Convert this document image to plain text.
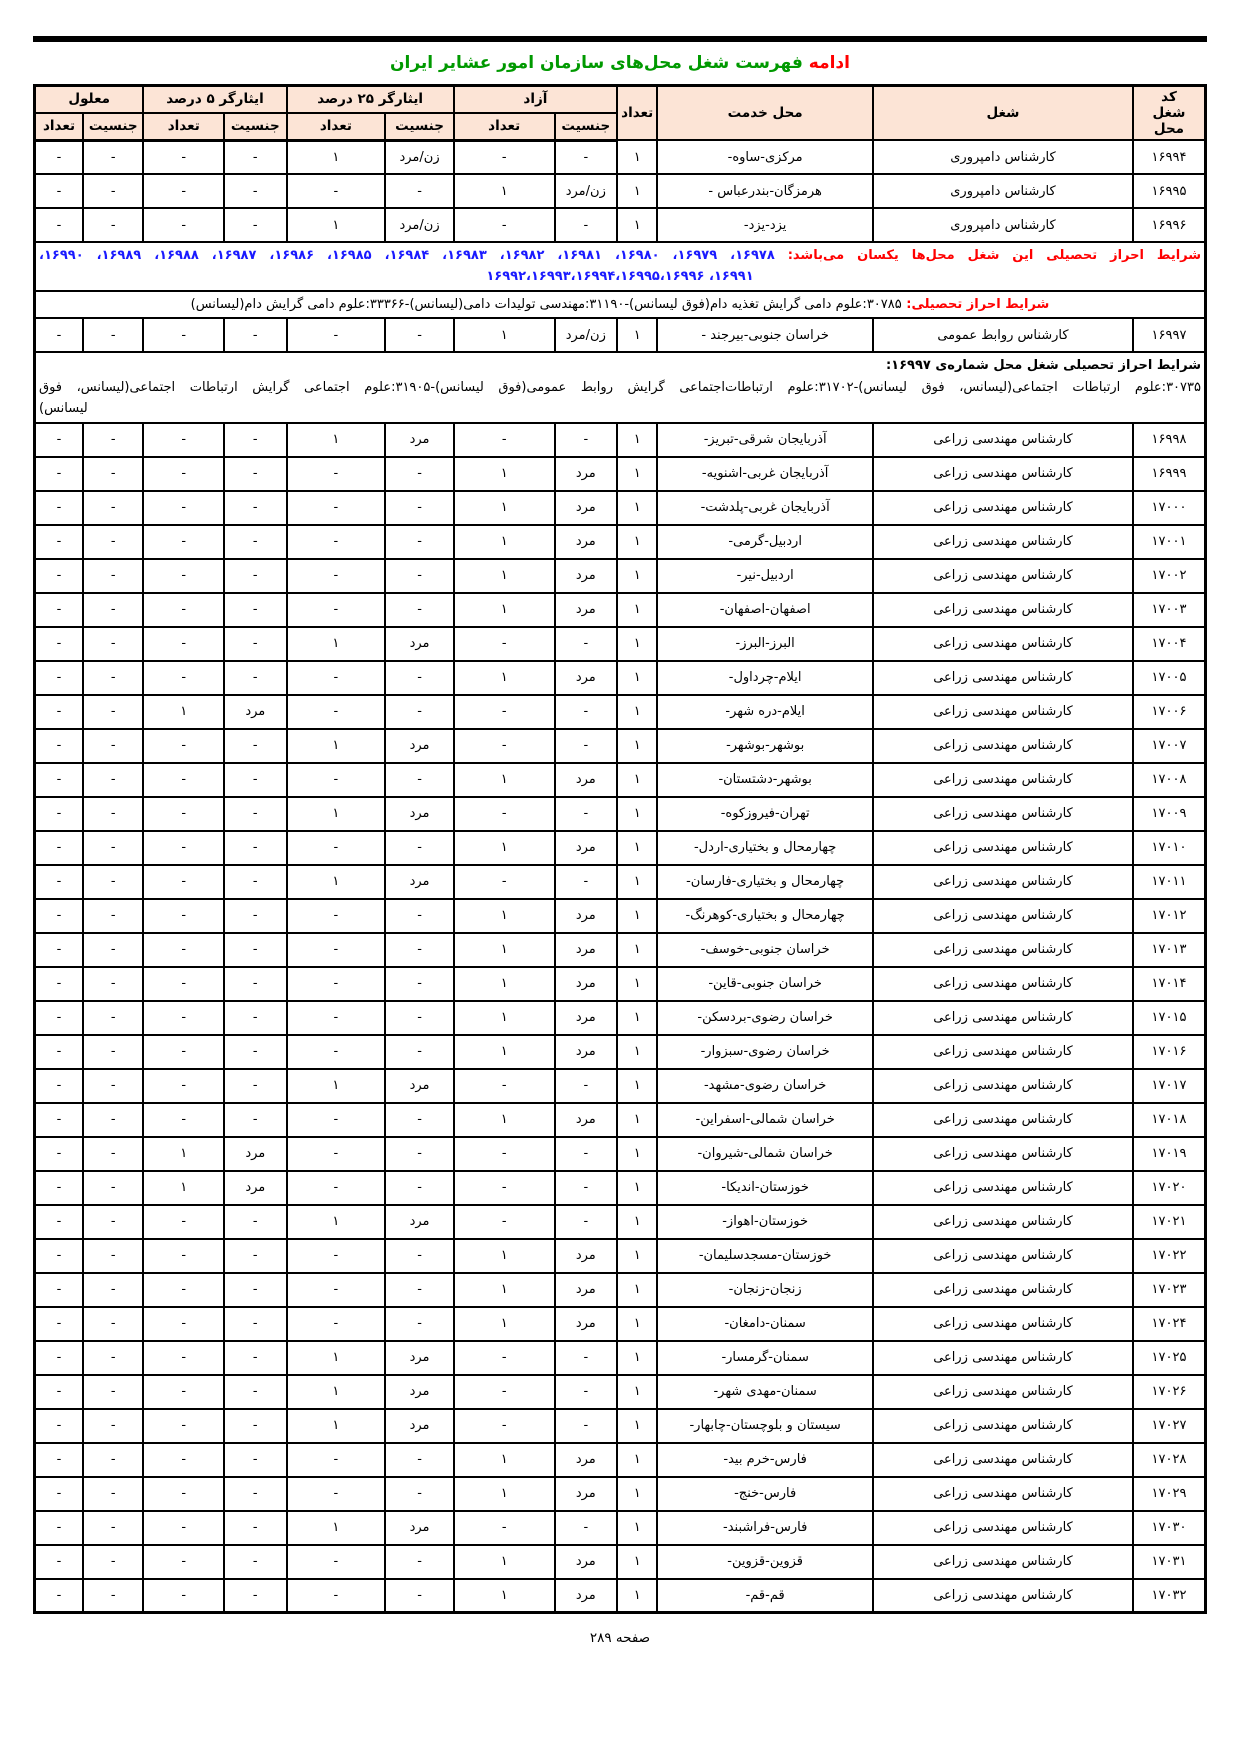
ادامه فهرست شغل محل‌های سازمان امور عشایر ایران
کد
شغل محل	شغل	محل خدمت	تعداد	آزاد		ایثارگر ۲۵ درصد		ایثارگر ۵ درصد		معلول	
				جنسیت	تعداد	جنسیت	تعداد	جنسیت	تعداد	جنسیت	تعداد
۱۶۹۹۴	کارشناس دامپروری	مرکزی-ساوه-	۱	-	-	زن/مرد	۱	-	-	-	-
۱۶۹۹۵	کارشناس دامپروری	هرمزگان-بندرعباس -	۱	زن/مرد	۱	-	-	-	-	-	-
۱۶۹۹۶	کارشناس دامپروری	یزد-یزد-	۱	-	-	زن/مرد	۱	-	-	-	-

شرایط احراز تحصیلی این شغل محل‌ها یکسان می‌باشد: ۱۶۹۷۸، ۱۶۹۷۹، ۱۶۹۸۰، ۱۶۹۸۱، ۱۶۹۸۲، ۱۶۹۸۳، ۱۶۹۸۴، ۱۶۹۸۵، ۱۶۹۸۶، ۱۶۹۸۷، ۱۶۹۸۸، ۱۶۹۸۹، ۱۶۹۹۰،
۱۶۹۹۱، ۱۶۹۹۲،۱۶۹۹۳،۱۶۹۹۴،۱۶۹۹۵،۱۶۹۹۶											

شرایط احراز تحصیلی: ۳۰۷۸۵:علوم دامی گرایش تغذیه دام(فوق لیسانس)-۳۱۱۹۰:مهندسی تولیدات دامی(لیسانس)-۳۳۳۶۶:علوم دامی گرایش دام(لیسانس)											

۱۶۹۹۷	کارشناس روابط عمومی	خراسان جنوبی-بیرجند -	۱	زن/مرد	۱	-	-	-	-	-	-

شرایط احراز تحصیلی شغل محل شماره‌ی ۱۶۹۹۷:
۳۰۷۳۵:علوم ارتباطات اجتماعی(لیسانس، فوق لیسانس)-۳۱۷۰۲:علوم ارتباطات‌اجتماعی گرایش روابط عمومی(فوق لیسانس)-۳۱۹۰۵:علوم اجتماعی گرایش ارتباطات اجتماعی(لیسانس، فوق
لیسانس)											

۱۶۹۹۸	کارشناس مهندسی زراعی	آذربایجان شرقی-تبریز-	۱	-	-	مرد	۱	-	-	-	-
۱۶۹۹۹	کارشناس مهندسی زراعی	آذربایجان غربی-اشنویه-	۱	مرد	۱	-	-	-	-	-	-
۱۷۰۰۰	کارشناس مهندسی زراعی	آذربایجان غربی-پلدشت-	۱	مرد	۱	-	-	-	-	-	-
۱۷۰۰۱	کارشناس مهندسی زراعی	اردبیل-گرمی-	۱	مرد	۱	-	-	-	-	-	-
۱۷۰۰۲	کارشناس مهندسی زراعی	اردبیل-نیر-	۱	مرد	۱	-	-	-	-	-	-
۱۷۰۰۳	کارشناس مهندسی زراعی	اصفهان-اصفهان-	۱	مرد	۱	-	-	-	-	-	-
۱۷۰۰۴	کارشناس مهندسی زراعی	البرز-البرز-	۱	-	-	مرد	۱	-	-	-	-
۱۷۰۰۵	کارشناس مهندسی زراعی	ایلام-چرداول-	۱	مرد	۱	-	-	-	-	-	-
۱۷۰۰۶	کارشناس مهندسی زراعی	ایلام-دره شهر-	۱	-	-	-	-	مرد	۱	-	-
۱۷۰۰۷	کارشناس مهندسی زراعی	بوشهر-بوشهر-	۱	-	-	مرد	۱	-	-	-	-
۱۷۰۰۸	کارشناس مهندسی زراعی	بوشهر-دشتستان-	۱	مرد	۱	-	-	-	-	-	-
۱۷۰۰۹	کارشناس مهندسی زراعی	تهران-فیروزکوه-	۱	-	-	مرد	۱	-	-	-	-
۱۷۰۱۰	کارشناس مهندسی زراعی	چهارمحال و بختیاری-اردل-	۱	مرد	۱	-	-	-	-	-	-
۱۷۰۱۱	کارشناس مهندسی زراعی	چهارمحال و بختیاری-فارسان-	۱	-	-	مرد	۱	-	-	-	-
۱۷۰۱۲	کارشناس مهندسی زراعی	چهارمحال و بختیاری-کوهرنگ-	۱	مرد	۱	-	-	-	-	-	-
۱۷۰۱۳	کارشناس مهندسی زراعی	خراسان جنوبی-خوسف-	۱	مرد	۱	-	-	-	-	-	-
۱۷۰۱۴	کارشناس مهندسی زراعی	خراسان جنوبی-قاین-	۱	مرد	۱	-	-	-	-	-	-
۱۷۰۱۵	کارشناس مهندسی زراعی	خراسان رضوی-بردسکن-	۱	مرد	۱	-	-	-	-	-	-
۱۷۰۱۶	کارشناس مهندسی زراعی	خراسان رضوی-سبزوار-	۱	مرد	۱	-	-	-	-	-	-
۱۷۰۱۷	کارشناس مهندسی زراعی	خراسان رضوی-مشهد-	۱	-	-	مرد	۱	-	-	-	-
۱۷۰۱۸	کارشناس مهندسی زراعی	خراسان شمالی-اسفراین-	۱	مرد	۱	-	-	-	-	-	-
۱۷۰۱۹	کارشناس مهندسی زراعی	خراسان شمالی-شیروان-	۱	-	-	-	-	مرد	۱	-	-
۱۷۰۲۰	کارشناس مهندسی زراعی	خوزستان-اندیکا-	۱	-	-	-	-	مرد	۱	-	-
۱۷۰۲۱	کارشناس مهندسی زراعی	خوزستان-اهواز-	۱	-	-	مرد	۱	-	-	-	-
۱۷۰۲۲	کارشناس مهندسی زراعی	خوزستان-مسجدسلیمان-	۱	مرد	۱	-	-	-	-	-	-
۱۷۰۲۳	کارشناس مهندسی زراعی	زنجان-زنجان-	۱	مرد	۱	-	-	-	-	-	-
۱۷۰۲۴	کارشناس مهندسی زراعی	سمنان-دامغان-	۱	مرد	۱	-	-	-	-	-	-
۱۷۰۲۵	کارشناس مهندسی زراعی	سمنان-گرمسار-	۱	-	-	مرد	۱	-	-	-	-
۱۷۰۲۶	کارشناس مهندسی زراعی	سمنان-مهدی شهر-	۱	-	-	مرد	۱	-	-	-	-
۱۷۰۲۷	کارشناس مهندسی زراعی	سیستان و بلوچستان-چابهار-	۱	-	-	مرد	۱	-	-	-	-
۱۷۰۲۸	کارشناس مهندسی زراعی	فارس-خرم بید-	۱	مرد	۱	-	-	-	-	-	-
۱۷۰۲۹	کارشناس مهندسی زراعی	فارس-خنج-	۱	مرد	۱	-	-	-	-	-	-
۱۷۰۳۰	کارشناس مهندسی زراعی	فارس-فراشبند-	۱	-	-	مرد	۱	-	-	-	-
۱۷۰۳۱	کارشناس مهندسی زراعی	قزوین-قزوین-	۱	مرد	۱	-	-	-	-	-	-
۱۷۰۳۲	کارشناس مهندسی زراعی	قم-قم-	۱	مرد	۱	-	-	-	-	-	-
صفحه ۲۸۹
